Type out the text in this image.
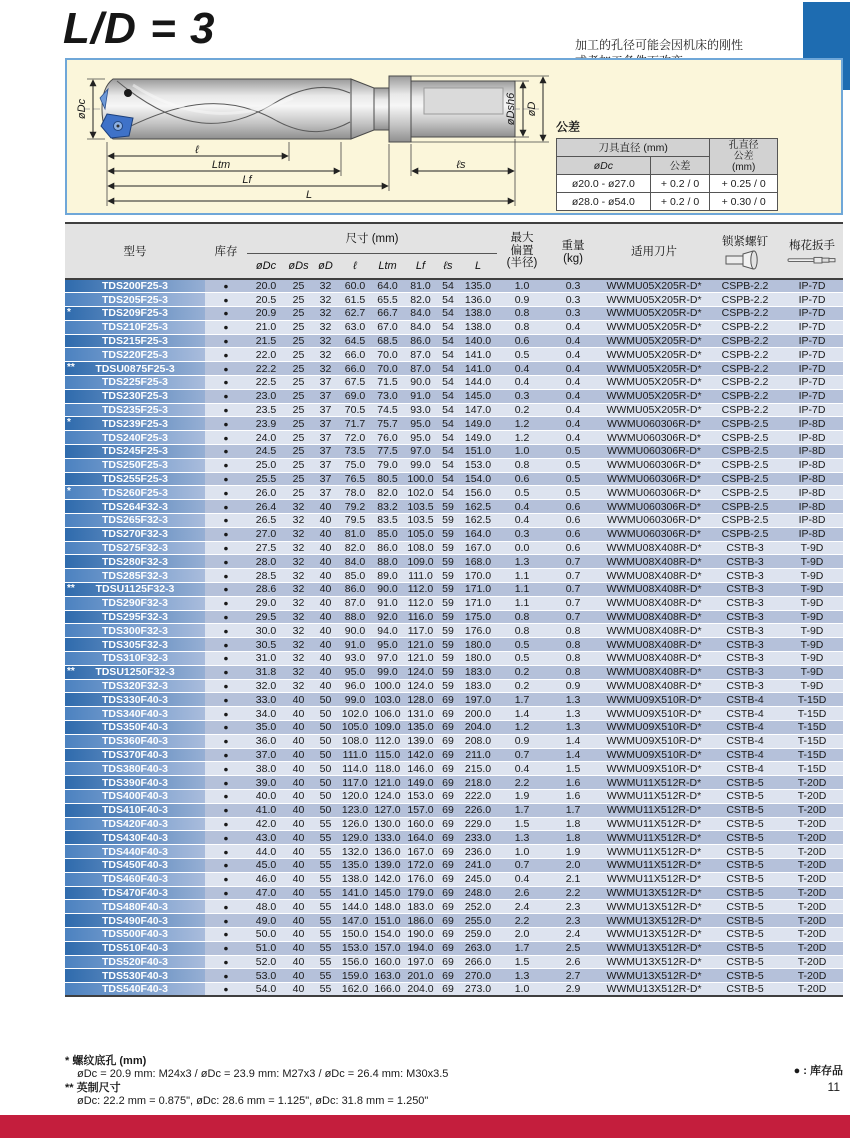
L/D = 3	加工的孔径可能会因机床的刚性
øDc
ℓ
Ltm	ℓs
Lf
L
øDsh6 øD
公差
刀具直径 (mm)		孔直径
公差
(mm)
øDc	公差	
ø20.0 - ø27.0	+ 0.2 / 0	+ 0.25 / 0
ø28.0 - ø54.0	+ 0.2 / 0	+ 0.30 / 0
型号	库存	尺寸 (mm)								最大
偏置
(半径)	重量
(kg)	适用刀片	锁紧螺钉	梅花扳手

		øDc	øDs	øD	ℓ	Ltm	Lf	ℓs	L					

TDS200F25-3	●	20.0	25	32	60.0	64.0	81.0	54	135.0	1.0	0.3	WWMU05X205R-D*	CSPB-2.2	IP-7D

TDS205F25-3	●	20.5	25	32	61.5	65.5	82.0	54	136.0	0.9	0.3	WWMU05X205R-D*	CSPB-2.2	IP-7D

* TDS209F25-3	●	20.9	25	32	62.7	66.7	84.0	54	138.0	0.8	0.3	WWMU05X205R-D*	CSPB-2.2	IP-7D

TDS210F25-3	●	21.0	25	32	63.0	67.0	84.0	54	138.0	0.8	0.4	WWMU05X205R-D*	CSPB-2.2	IP-7D

TDS215F25-3	●	21.5	25	32	64.5	68.5	86.0	54	140.0	0.6	0.4	WWMU05X205R-D*	CSPB-2.2	IP-7D

TDS220F25-3	●	22.0	25	32	66.0	70.0	87.0	54	141.0	0.5	0.4	WWMU05X205R-D*	CSPB-2.2	IP-7D

** TDSU0875F25-3	●	22.2	25	32	66.0	70.0	87.0	54	141.0	0.4	0.4	WWMU05X205R-D*	CSPB-2.2	IP-7D

TDS225F25-3	●	22.5	25	37	67.5	71.5	90.0	54	144.0	0.4	0.4	WWMU05X205R-D*	CSPB-2.2	IP-7D

TDS230F25-3	●	23.0	25	37	69.0	73.0	91.0	54	145.0	0.3	0.4	WWMU05X205R-D*	CSPB-2.2	IP-7D

TDS235F25-3	●	23.5	25	37	70.5	74.5	93.0	54	147.0	0.2	0.4	WWMU05X205R-D*	CSPB-2.2	IP-7D

* TDS239F25-3	●	23.9	25	37	71.7	75.7	95.0	54	149.0	1.2	0.4	WWMU060306R-D*	CSPB-2.5	IP-8D

TDS240F25-3	●	24.0	25	37	72.0	76.0	95.0	54	149.0	1.2	0.4	WWMU060306R-D*	CSPB-2.5	IP-8D

TDS245F25-3	●	24.5	25	37	73.5	77.5	97.0	54	151.0	1.0	0.5	WWMU060306R-D*	CSPB-2.5	IP-8D

TDS250F25-3	●	25.0	25	37	75.0	79.0	99.0	54	153.0	0.8	0.5	WWMU060306R-D*	CSPB-2.5	IP-8D

TDS255F25-3	●	25.5	25	37	76.5	80.5	100.0	54	154.0	0.6	0.5	WWMU060306R-D*	CSPB-2.5	IP-8D

* TDS260F25-3	●	26.0	25	37	78.0	82.0	102.0	54	156.0	0.5	0.5	WWMU060306R-D*	CSPB-2.5	IP-8D

TDS264F32-3	●	26.4	32	40	79.2	83.2	103.5	59	162.5	0.4	0.6	WWMU060306R-D*	CSPB-2.5	IP-8D

TDS265F32-3	●	26.5	32	40	79.5	83.5	103.5	59	162.5	0.4	0.6	WWMU060306R-D*	CSPB-2.5	IP-8D

TDS270F32-3	●	27.0	32	40	81.0	85.0	105.0	59	164.0	0.3	0.6	WWMU060306R-D*	CSPB-2.5	IP-8D

TDS275F32-3	●	27.5	32	40	82.0	86.0	108.0	59	167.0	0.0	0.6	WWMU08X408R-D*	CSTB-3	T-9D

TDS280F32-3	●	28.0	32	40	84.0	88.0	109.0	59	168.0	1.3	0.7	WWMU08X408R-D*	CSTB-3	T-9D

TDS285F32-3	●	28.5	32	40	85.0	89.0	111.0	59	170.0	1.1	0.7	WWMU08X408R-D*	CSTB-3	T-9D

** TDSU1125F32-3	●	28.6	32	40	86.0	90.0	112.0	59	171.0	1.1	0.7	WWMU08X408R-D*	CSTB-3	T-9D

TDS290F32-3	●	29.0	32	40	87.0	91.0	112.0	59	171.0	1.1	0.7	WWMU08X408R-D*	CSTB-3	T-9D

TDS295F32-3	●	29.5	32	40	88.0	92.0	116.0	59	175.0	0.8	0.7	WWMU08X408R-D*	CSTB-3	T-9D

TDS300F32-3	●	30.0	32	40	90.0	94.0	117.0	59	176.0	0.8	0.8	WWMU08X408R-D*	CSTB-3	T-9D

TDS305F32-3	●	30.5	32	40	91.0	95.0	121.0	59	180.0	0.5	0.8	WWMU08X408R-D*	CSTB-3	T-9D

TDS310F32-3	●	31.0	32	40	93.0	97.0	121.0	59	180.0	0.5	0.8	WWMU08X408R-D*	CSTB-3	T-9D

** TDSU1250F32-3	●	31.8	32	40	95.0	99.0	124.0	59	183.0	0.2	0.8	WWMU08X408R-D*	CSTB-3	T-9D

TDS320F32-3	●	32.0	32	40	96.0	100.0	124.0	59	183.0	0.2	0.9	WWMU08X408R-D*	CSTB-3	T-9D

TDS330F40-3	●	33.0	40	50	99.0	103.0	128.0	69	197.0	1.7	1.3	WWMU09X510R-D*	CSTB-4	T-15D

TDS340F40-3	●	34.0	40	50	102.0	106.0	131.0	69	200.0	1.4	1.3	WWMU09X510R-D*	CSTB-4	T-15D

TDS350F40-3	●	35.0	40	50	105.0	109.0	135.0	69	204.0	1.2	1.3	WWMU09X510R-D*	CSTB-4	T-15D

TDS360F40-3	●	36.0	40	50	108.0	112.0	139.0	69	208.0	0.9	1.4	WWMU09X510R-D*	CSTB-4	T-15D

TDS370F40-3	●	37.0	40	50	111.0	115.0	142.0	69	211.0	0.7	1.4	WWMU09X510R-D*	CSTB-4	T-15D

TDS380F40-3	●	38.0	40	50	114.0	118.0	146.0	69	215.0	0.4	1.5	WWMU09X510R-D*	CSTB-4	T-15D

TDS390F40-3	●	39.0	40	50	117.0	121.0	149.0	69	218.0	2.2	1.6	WWMU11X512R-D*	CSTB-5	T-20D

TDS400F40-3	●	40.0	40	50	120.0	124.0	153.0	69	222.0	1.9	1.6	WWMU11X512R-D*	CSTB-5	T-20D

TDS410F40-3	●	41.0	40	50	123.0	127.0	157.0	69	226.0	1.7	1.7	WWMU11X512R-D*	CSTB-5	T-20D

TDS420F40-3	●	42.0	40	55	126.0	130.0	160.0	69	229.0	1.5	1.8	WWMU11X512R-D*	CSTB-5	T-20D

TDS430F40-3	●	43.0	40	55	129.0	133.0	164.0	69	233.0	1.3	1.8	WWMU11X512R-D*	CSTB-5	T-20D

TDS440F40-3	●	44.0	40	55	132.0	136.0	167.0	69	236.0	1.0	1.9	WWMU11X512R-D*	CSTB-5	T-20D

TDS450F40-3	●	45.0	40	55	135.0	139.0	172.0	69	241.0	0.7	2.0	WWMU11X512R-D*	CSTB-5	T-20D

TDS460F40-3	●	46.0	40	55	138.0	142.0	176.0	69	245.0	0.4	2.1	WWMU11X512R-D*	CSTB-5	T-20D

TDS470F40-3	●	47.0	40	55	141.0	145.0	179.0	69	248.0	2.6	2.2	WWMU13X512R-D*	CSTB-5	T-20D

TDS480F40-3	●	48.0	40	55	144.0	148.0	183.0	69	252.0	2.4	2.3	WWMU13X512R-D*	CSTB-5	T-20D

TDS490F40-3	●	49.0	40	55	147.0	151.0	186.0	69	255.0	2.2	2.3	WWMU13X512R-D*	CSTB-5	T-20D

TDS500F40-3	●	50.0	40	55	150.0	154.0	190.0	69	259.0	2.0	2.4	WWMU13X512R-D*	CSTB-5	T-20D

TDS510F40-3	●	51.0	40	55	153.0	157.0	194.0	69	263.0	1.7	2.5	WWMU13X512R-D*	CSTB-5	T-20D

TDS520F40-3	●	52.0	40	55	156.0	160.0	197.0	69	266.0	1.5	2.6	WWMU13X512R-D*	CSTB-5	T-20D

TDS530F40-3	●	53.0	40	55	159.0	163.0	201.0	69	270.0	1.3	2.7	WWMU13X512R-D*	CSTB-5	T-20D

TDS540F40-3	●	54.0	40	55	162.0	166.0	204.0	69	273.0	1.0	2.9	WWMU13X512R-D*	CSTB-5	T-20D
* 螺纹底孔 (mm)
øDc = 20.9 mm: M24x3 / øDc = 23.9 mm: M27x3 / øDc = 26.4 mm: M30x3.5
** 英制尺寸
øDc: 22.2 mm = 0.875", øDc: 28.6 mm = 1.125", øDc: 31.8 mm = 1.250"
● : 库存品
11
